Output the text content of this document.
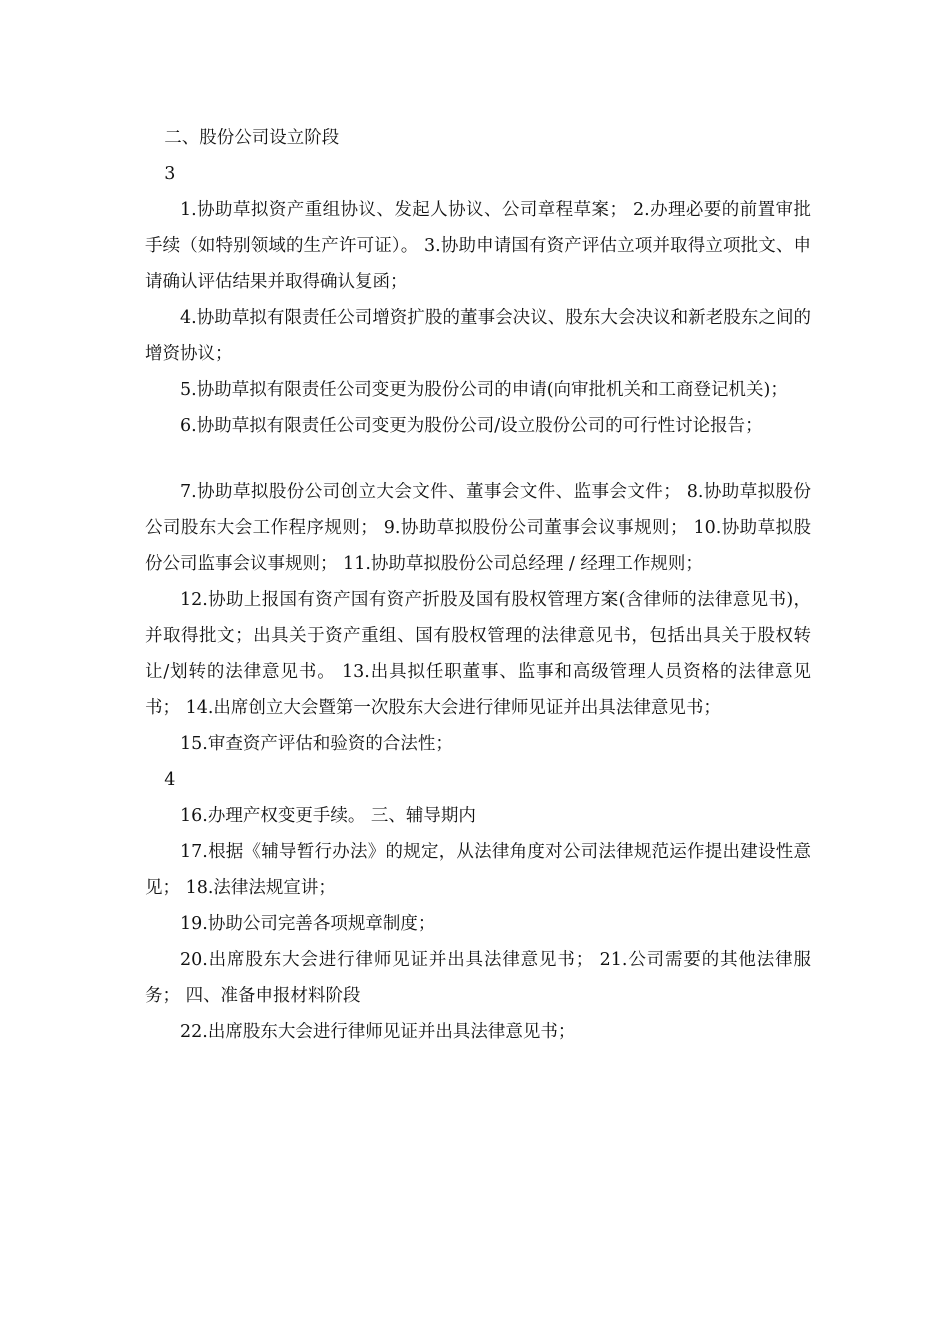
二、股份公司设立阶段

3

1.协助草拟资产重组协议、发起人协议、公司章程草案； 2.办理必要的前置审批手续（如特别领域的生产许可证）。 3.协助申请国有资产评估立项并取得立项批文、申请确认评估结果并取得确认复函；

4.协助草拟有限责任公司增资扩股的董事会决议、股东大会决议和新老股东之间的增资协议；

5.协助草拟有限责任公司变更为股份公司的申请(向审批机关和工商登记机关)；

6.协助草拟有限责任公司变更为股份公司/设立股份公司的可行性讨论报告；

7.协助草拟股份公司创立大会文件、董事会文件、监事会文件； 8.协助草拟股份公司股东大会工作程序规则； 9.协助草拟股份公司董事会议事规则； 10.协助草拟股份公司监事会议事规则； 11.协助草拟股份公司总经理 / 经理工作规则；

12.协助上报国有资产国有资产折股及国有股权管理方案(含律师的法律意见书)，并取得批文；出具关于资产重组、国有股权管理的法律意见书，包括出具关于股权转让/划转的法律意见书。 13.出具拟任职董事、监事和高级管理人员资格的法律意见书； 14.出席创立大会暨第一次股东大会进行律师见证并出具法律意见书；

15.审查资产评估和验资的合法性；

4

16.办理产权变更手续。 三、辅导期内

17.根据《辅导暂行办法》的规定，从法律角度对公司法律规范运作提出建设性意见； 18.法律法规宣讲；

19.协助公司完善各项规章制度；

20.出席股东大会进行律师见证并出具法律意见书； 21.公司需要的其他法律服务； 四、准备申报材料阶段

22.出席股东大会进行律师见证并出具法律意见书；
